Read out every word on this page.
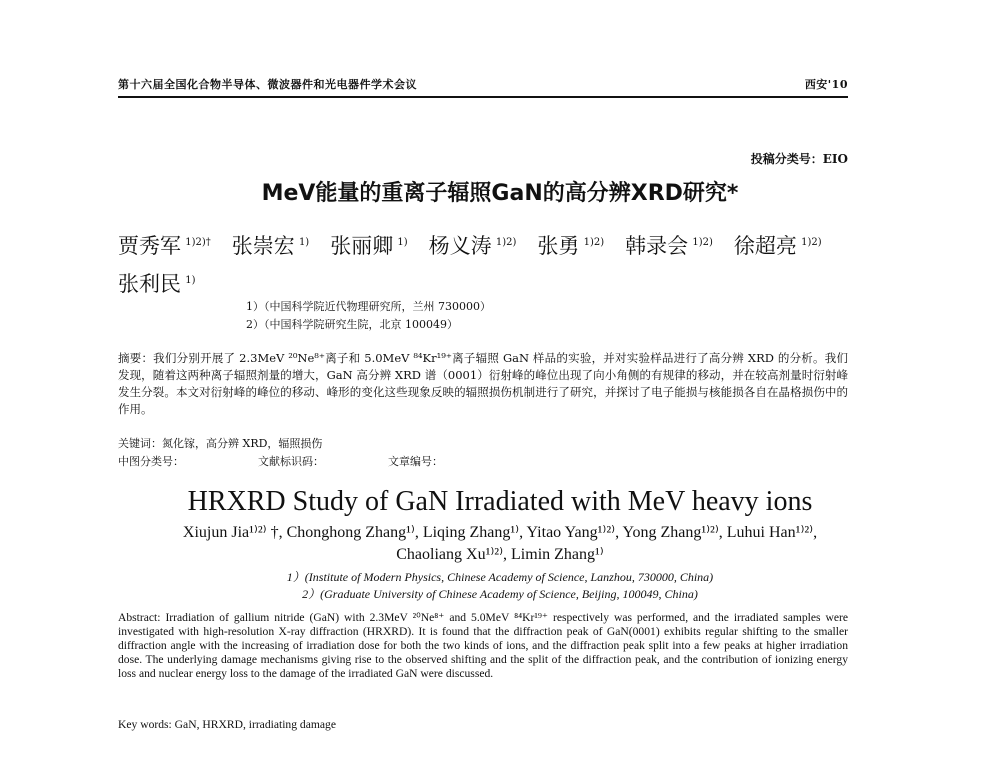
第十六届全国化合物半导体、微波器件和光电器件学术会议	西安'10
投稿分类号：EIO
MeV能量的重离子辐照GaN的高分辨XRD研究*
贾秀军  $^{1)2)\dagger}$  张崇宏  $^{1)}$  张丽卿  $^{1)}$  杨义涛  $^{1)2)}$  张勇  $^{1)2)}$  韩录会  $^{1)2)}$  徐超亮  $^{1)2)}$
张利民  $^{1)}$
1）（中国科学院近代物理研究所，兰州 730000）
2）（中国科学院研究生院，北京 100049）
摘要：我们分别开展了 2.3MeV ²⁰Ne⁸⁺离子和 5.0MeV ⁸⁴Kr¹⁹⁺离子辐照 GaN 样品的实验，并对实验样品进行了高分辨 XRD 的分析。我们发现，随着这两种离子辐照剂量的增大，GaN 高分辨 XRD 谱（0001）衍射峰的峰位出现了向小角侧的有规律的移动，并在较高剂量时衍射峰发生分裂。本文对衍射峰的峰位的移动、峰形的变化这些现象反映的辐照损伤机制进行了研究，并探讨了电子能损与核能损各自在晶格损伤中的作用。
关键词：氮化镓，高分辨 XRD，辐照损伤
中图分类号：	文献标识码：	文章编号：
HRXRD Study of GaN Irradiated with MeV heavy ions
Xiujun Jia¹⁾²⁾ †, Chonghong Zhang¹⁾, Liqing Zhang¹⁾, Yitao Yang¹⁾²⁾, Yong Zhang¹⁾²⁾, Luhui Han¹⁾²⁾,
Chaoliang Xu¹⁾²⁾, Limin Zhang¹⁾
1）(Institute of Modern Physics, Chinese Academy of Science, Lanzhou, 730000, China)
2）(Graduate University of Chinese Academy of Science, Beijing, 100049, China)
Abstract: Irradiation of gallium nitride (GaN) with 2.3MeV ²⁰Ne⁸⁺ and 5.0MeV ⁸⁴Kr¹⁹⁺ respectively was performed, and the irradiated samples were investigated with high-resolution X-ray diffraction (HRXRD). It is found that the diffraction peak of GaN(0001) exhibits regular shifting to the smaller diffraction angle with the increasing of irradiation dose for both the two kinds of ions, and the diffraction peak split into a few peaks at higher irradiation dose. The underlying damage mechanisms giving rise to the observed shifting and the split of the diffraction peak, and the contribution of ionizing energy loss and nuclear energy loss to the damage of the irradiated GaN were discussed.
Key words: GaN, HRXRD, irradiating damage
